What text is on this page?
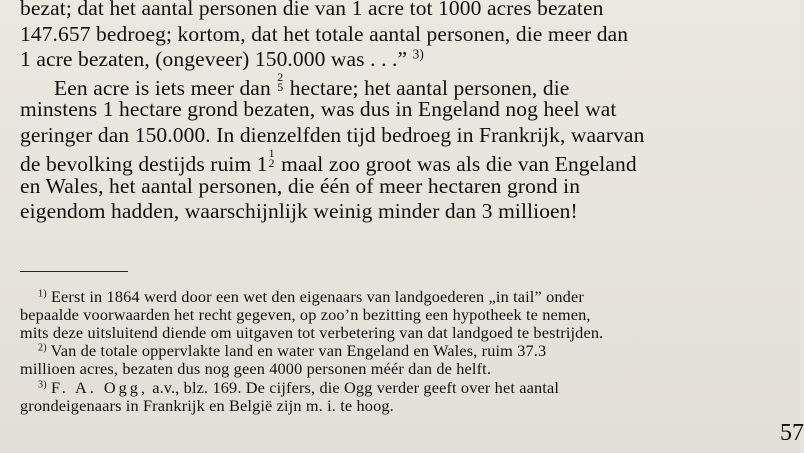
bezat; dat het aantal personen die van 1 acre tot 1000 acres bezaten
147.657 bedroeg; kortom, dat het totale aantal personen, die meer dan
1 acre bezaten, (ongeveer) 150.000 was . . .” $^{3)}$
Een acre is iets meer dan 2
5 hectare; het aantal personen, die
minstens 1 hectare grond bezaten, was dus in Engeland nog heel wat
geringer dan 150.000. In dienzelfden tijd bedroeg in Frankrijk, waarvan
de bevolking destijds ruim 1 1
2 maal zoo groot was als die van Engeland
en Wales, het aantal personen, die één of meer hectaren grond in
eigendom hadden, waarschijnlijk weinig minder dan 3 millioen!
$^{1)}$ Eerst in 1864 werd door een wet den eigenaars van landgoederen „in tail” onder
bepaalde voorwaarden het recht gegeven, op zoo’n bezitting een hypotheek te nemen,
mits deze uitsluitend diende om uitgaven tot verbetering van dat landgoed te bestrijden.
$^{2)}$ Van de totale oppervlakte land en water van Engeland en Wales, ruim 37.3
millioen acres, bezaten dus nog geen 4000 personen méér dan de helft.
$^{3)}$ F. A. Ogg, a.v., blz. 169. De cijfers, die Ogg verder geeft over het aantal
grondeigenaars in Frankrijk en België zijn m. i. te hoog.
57
